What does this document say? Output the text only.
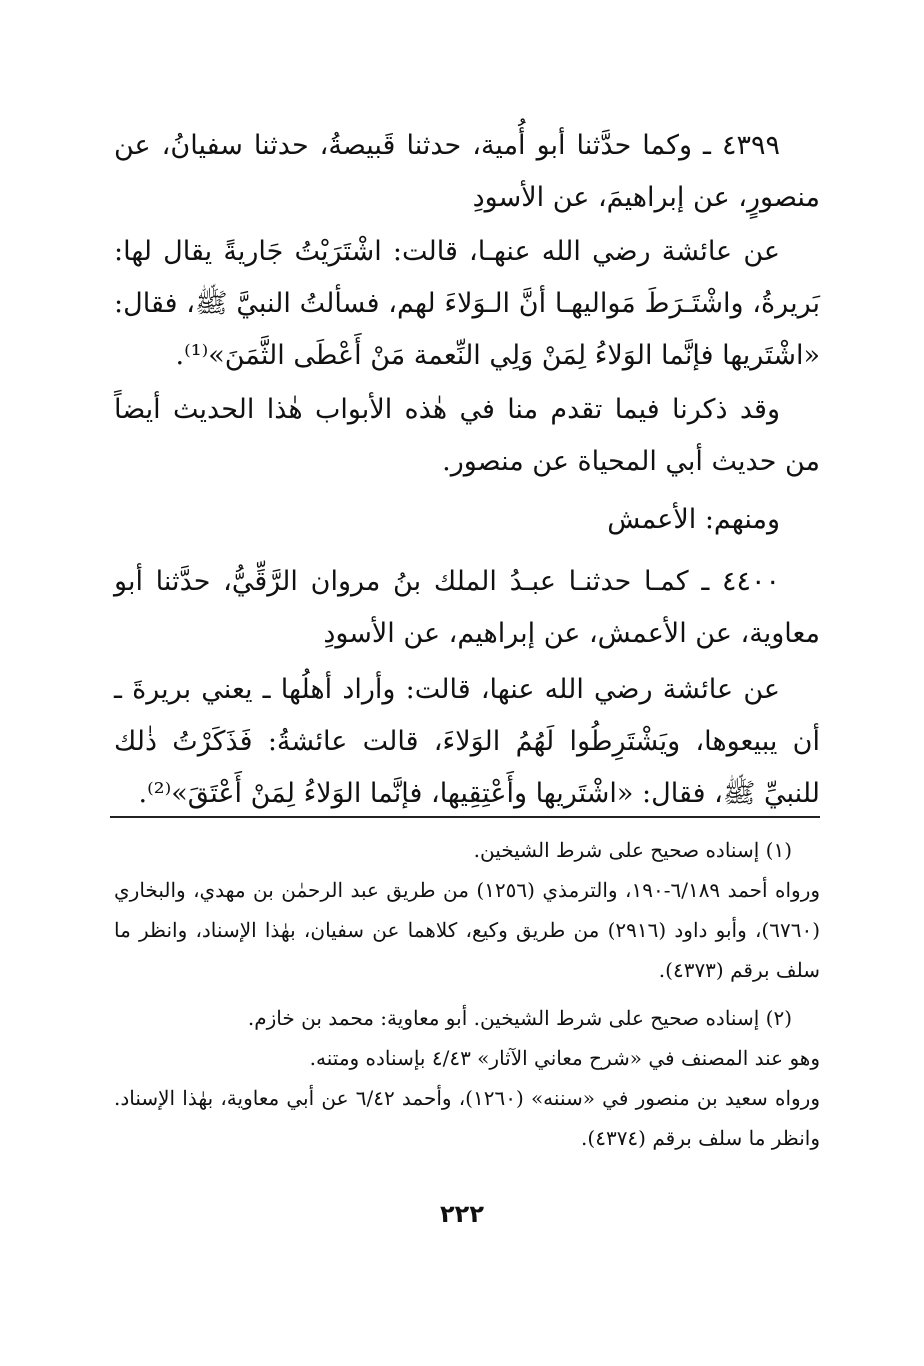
٤٣٩٩ ـ وكما حدَّثنا أبو أُمية، حدثنا قَبيصةُ، حدثنا سفيانُ، عن منصورٍ، عن إبراهيمَ، عن الأسودِ

عن عائشة رضي الله عنهـا، قالت: اشْتَرَيْتُ جَاريةً يقال لها: بَريرةُ، واشْتَـرَطَ مَواليهـا أنَّ الـوَلاءَ لهم، فسألتُ النبيَّ ﷺ، فقال: «اشْتَريها فإنَّما الوَلاءُ لِمَنْ وَلِي النِّعمة مَنْ أَعْطَى الثَّمَنَ»⁽¹⁾.

وقد ذكرنا فيما تقدم منا في هٰذه الأبواب هٰذا الحديث أيضاً من حديث أبي المحياة عن منصور.

ومنهم: الأعمش

٤٤٠٠ ـ كمـا حدثنـا عبـدُ الملك بنُ مروان الرَّقِّيُّ، حدَّثنا أبو معاوية، عن الأعمش، عن إبراهيم، عن الأسودِ

عن عائشة رضي الله عنها، قالت: وأراد أهلُها ـ يعني بريرةَ ـ أن يبيعوها، ويَشْتَرِطُوا لَهُمُ الوَلاءَ، قالت عائشةُ: فَذَكَرْتُ ذٰلك للنبيِّ ﷺ، فقال: «اشْتَريها وأَعْتِقِيها، فإنَّما الوَلاءُ لِمَنْ أَعْتَقَ»⁽²⁾.

(١) إسناده صحيح على شرط الشيخين.

ورواه أحمد ٦/١٨٩-١٩٠، والترمذي (١٢٥٦) من طريق عبد الرحمٰن بن مهدي، والبخاري (٦٧٦٠)، وأبو داود (٢٩١٦) من طريق وكيع، كلاهما عن سفيان، بهٰذا الإسناد، وانظر ما سلف برقم (٤٣٧٣).

(٢) إسناده صحيح على شرط الشيخين. أبو معاوية: محمد بن خازم.

وهو عند المصنف في «شرح معاني الآثار» ٤/٤٣ بإسناده ومتنه.

ورواه سعيد بن منصور في «سننه» (١٢٦٠)، وأحمد ٦/٤٢ عن أبي معاوية، بهٰذا الإسناد. وانظر ما سلف برقم (٤٣٧٤).

٢٢٢
